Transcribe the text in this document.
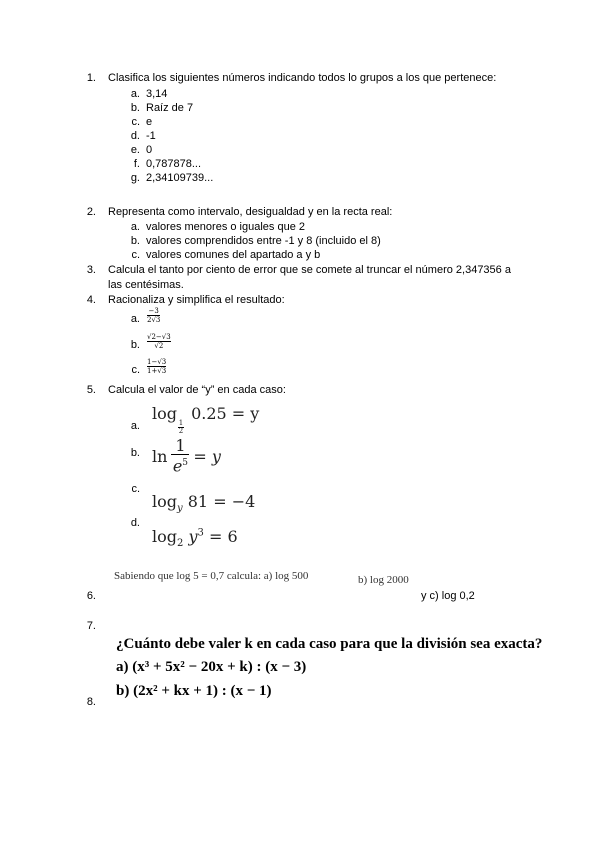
1. Clasifica los siguientes números indicando todos lo grupos a los que pertenece:
a. 3,14
b. Raíz de 7
c. e
d. -1
e. 0
f. 0,787878...
g. 2,34109739...
2. Representa como intervalo, desigualdad y en la recta real:
a. valores menores o iguales que 2
b. valores comprendidos entre -1 y 8 (incluido el 8)
c. valores comunes del apartado a y b
3. Calcula el tanto por ciento de error que se comete al truncar el número 2,347356 a
las centésimas.
4. Racionaliza y simplifica el resultado:
a.
−3
2√3
b.
√2−√3
√2
c.
1−√3
1+√3
5. Calcula el valor de “y” en cada caso:
a.
log
$\frac{1}{2}$
0.25 = y
b. ln
1
$e^5 = y$
c.
$\log_y 81 = -4$
d.
$\log_2 y^3 = 6$
6.
Sabiendo que log 5 = 0,7 calcula: a) log 500	b) log 2000
y c) log 0,2
7.
¿Cuánto debe valer k en cada caso para que la división sea exacta?
a) (x³ + 5x² − 20x + k) : (x − 3)
b) (2x² + kx + 1) : (x − 1)
8.
